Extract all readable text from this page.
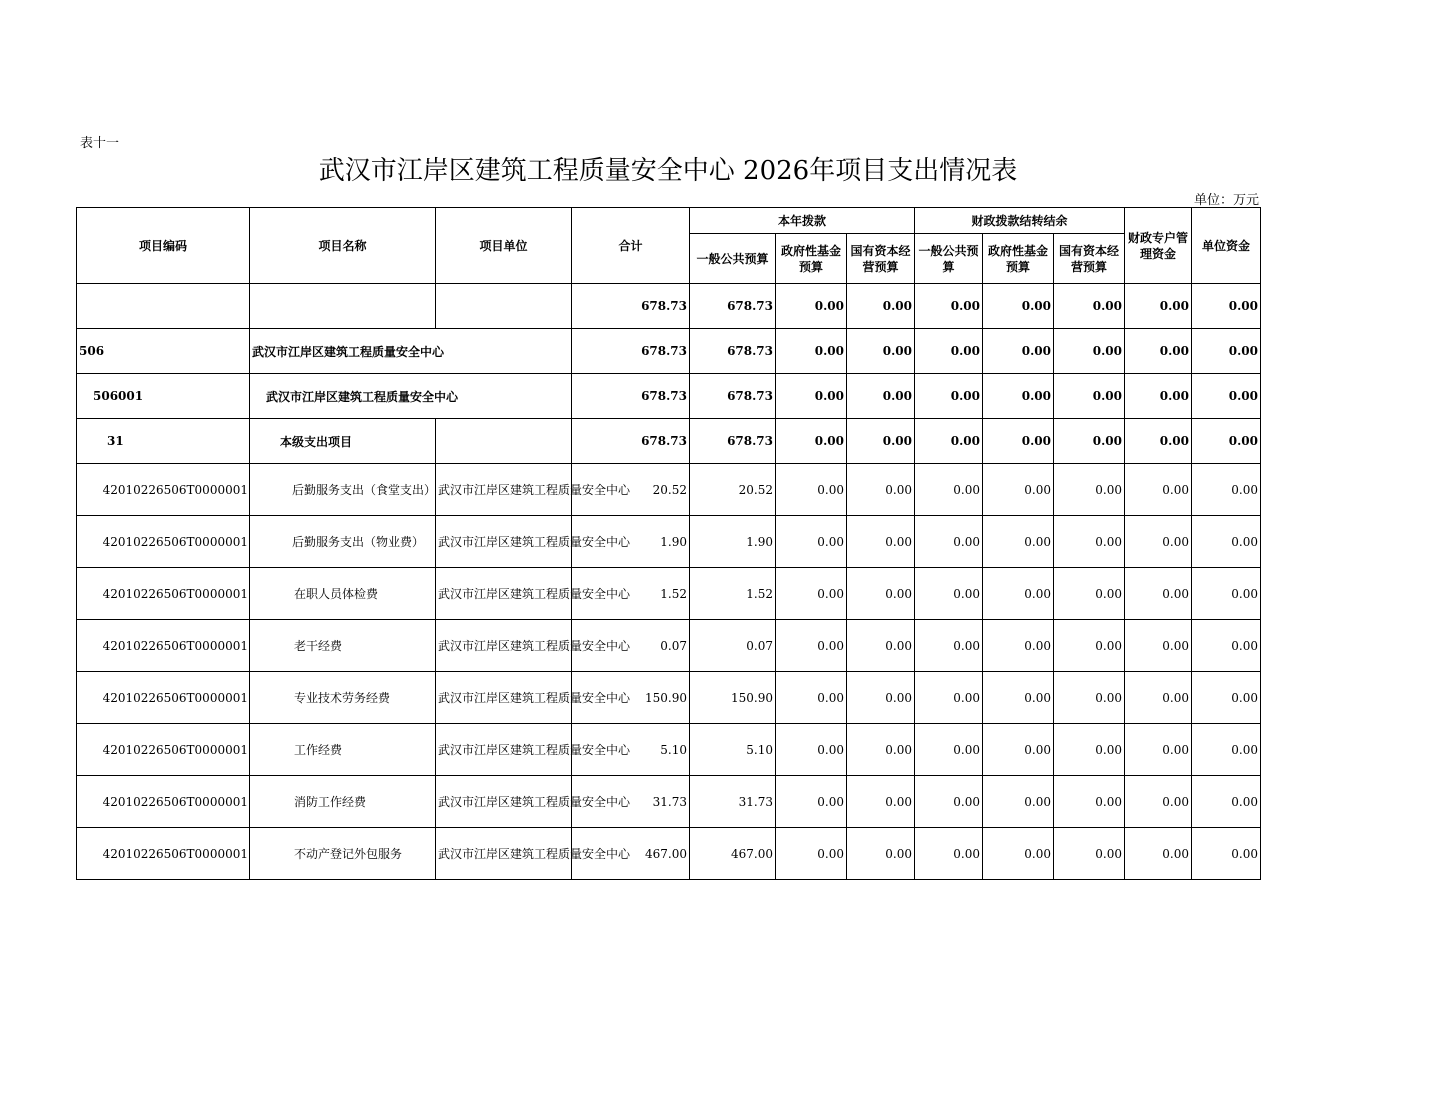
表十一
武汉市江岸区建筑工程质量安全中心 2026年项目支出情况表
单位：万元
项目编码	项目名称	项目单位	合计	本年拨款			财政拨款结转结余			财政专户管理资金	单位资金
				一般公共预算	政府性基金预算	国有资本经营预算	一般公共预算	政府性基金预算	国有资本经营预算		
			678.73	678.73	0.00	0.00	0.00	0.00	0.00	0.00	0.00
506	武汉市江岸区建筑工程质量安全中心		678.73	678.73	0.00	0.00	0.00	0.00	0.00	0.00	0.00
506001	武汉市江岸区建筑工程质量安全中心		678.73	678.73	0.00	0.00	0.00	0.00	0.00	0.00	0.00
31	本级支出项目		678.73	678.73	0.00	0.00	0.00	0.00	0.00	0.00	0.00
42010226506T0000001	后勤服务支出（食堂支出）	武汉市江岸区建筑工程质量安全中心	20.52	20.52	0.00	0.00	0.00	0.00	0.00	0.00	0.00
42010226506T0000001	后勤服务支出（物业费）	武汉市江岸区建筑工程质量安全中心	1.90	1.90	0.00	0.00	0.00	0.00	0.00	0.00	0.00
42010226506T0000001	在职人员体检费	武汉市江岸区建筑工程质量安全中心	1.52	1.52	0.00	0.00	0.00	0.00	0.00	0.00	0.00
42010226506T0000001	老干经费	武汉市江岸区建筑工程质量安全中心	0.07	0.07	0.00	0.00	0.00	0.00	0.00	0.00	0.00
42010226506T0000001	专业技术劳务经费	武汉市江岸区建筑工程质量安全中心	150.90	150.90	0.00	0.00	0.00	0.00	0.00	0.00	0.00
42010226506T0000001	工作经费	武汉市江岸区建筑工程质量安全中心	5.10	5.10	0.00	0.00	0.00	0.00	0.00	0.00	0.00
42010226506T0000001	消防工作经费	武汉市江岸区建筑工程质量安全中心	31.73	31.73	0.00	0.00	0.00	0.00	0.00	0.00	0.00
42010226506T0000001	不动产登记外包服务	武汉市江岸区建筑工程质量安全中心	467.00	467.00	0.00	0.00	0.00	0.00	0.00	0.00	0.00
